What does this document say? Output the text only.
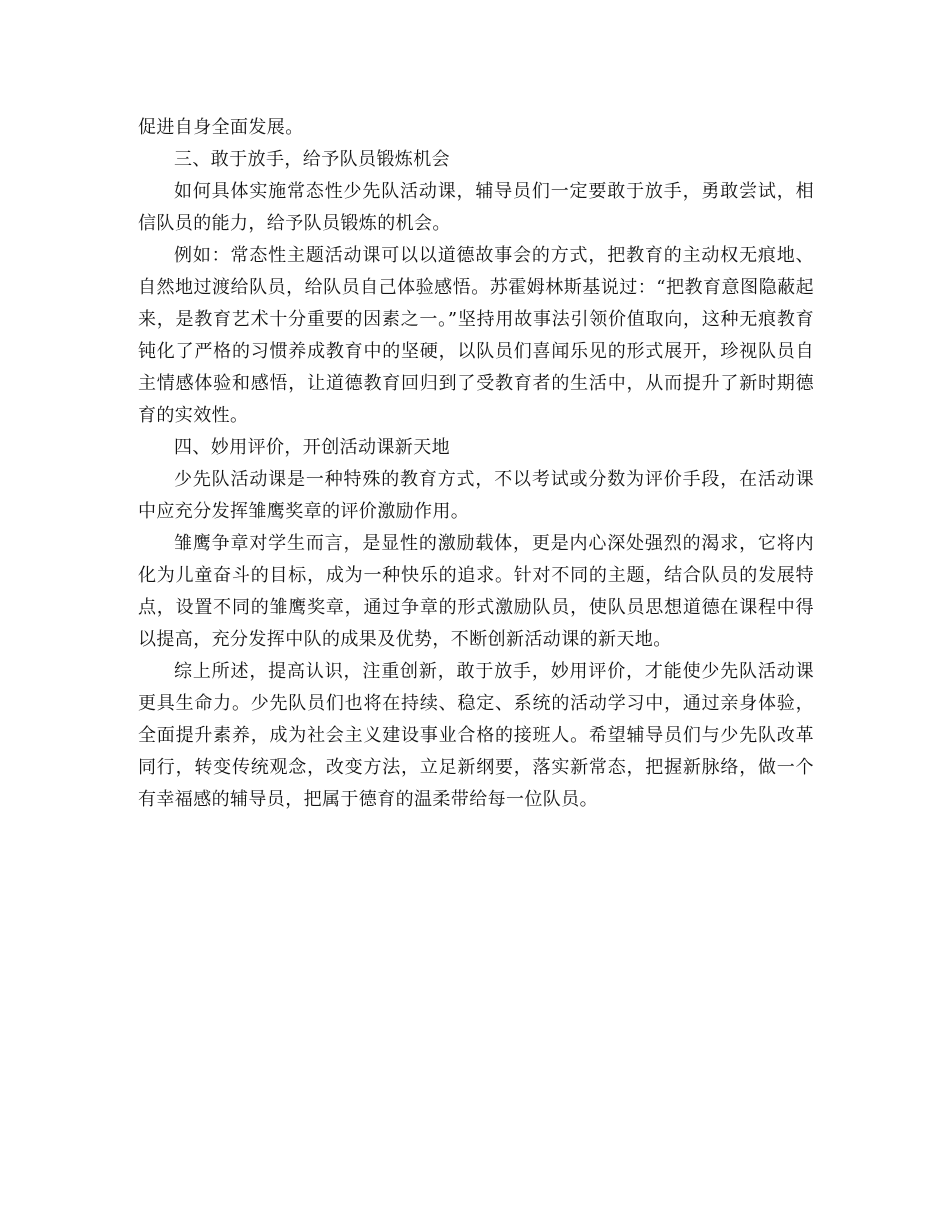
促进自身全面发展。

三、敢于放手，给予队员锻炼机会

如何具体实施常态性少先队活动课，辅导员们一定要敢于放手，勇敢尝试，相信队员的能力，给予队员锻炼的机会。

例如：常态性主题活动课可以以道德故事会的方式，把教育的主动权无痕地、自然地过渡给队员，给队员自己体验感悟。苏霍姆林斯基说过：“把教育意图隐蔽起来，是教育艺术十分重要的因素之一。”坚持用故事法引领价值取向，这种无痕教育钝化了严格的习惯养成教育中的坚硬，以队员们喜闻乐见的形式展开，珍视队员自主情感体验和感悟，让道德教育回归到了受教育者的生活中，从而提升了新时期德育的实效性。

四、妙用评价，开创活动课新天地

少先队活动课是一种特殊的教育方式，不以考试或分数为评价手段，在活动课中应充分发挥雏鹰奖章的评价激励作用。

雏鹰争章对学生而言，是显性的激励载体，更是内心深处强烈的渴求，它将内化为儿童奋斗的目标，成为一种快乐的追求。针对不同的主题，结合队员的发展特点，设置不同的雏鹰奖章，通过争章的形式激励队员，使队员思想道德在课程中得以提高，充分发挥中队的成果及优势，不断创新活动课的新天地。

综上所述，提高认识，注重创新，敢于放手，妙用评价，才能使少先队活动课更具生命力。少先队员们也将在持续、稳定、系统的活动学习中，通过亲身体验，全面提升素养，成为社会主义建设事业合格的接班人。希望辅导员们与少先队改革同行，转变传统观念，改变方法，立足新纲要，落实新常态，把握新脉络，做一个有幸福感的辅导员，把属于德育的温柔带给每一位队员。
